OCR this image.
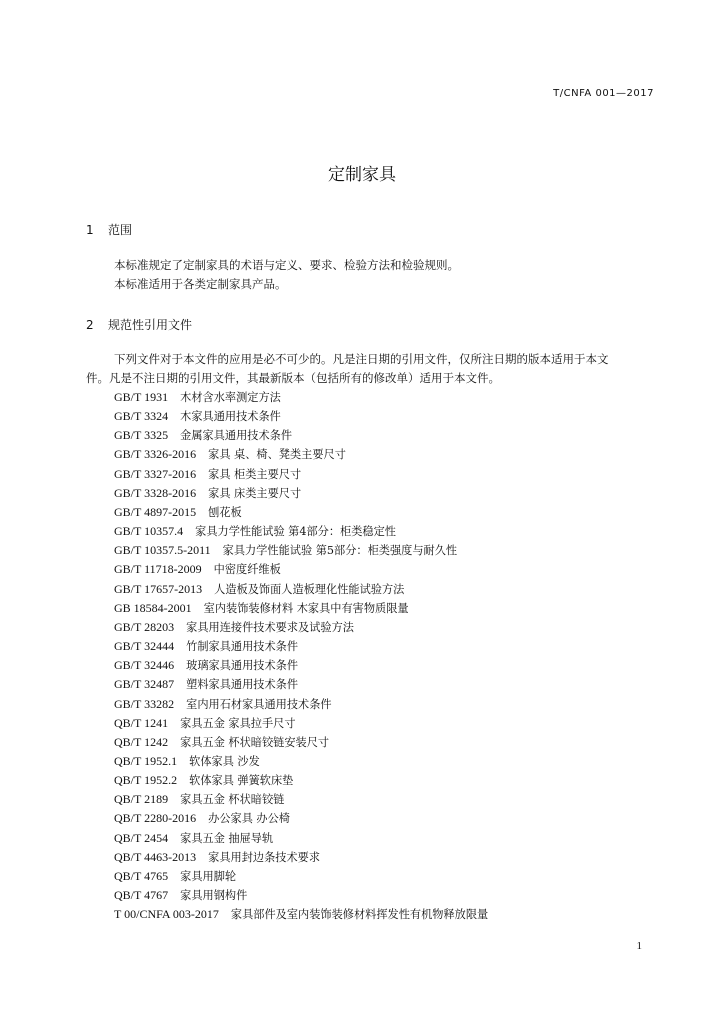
T/CNFA 001—2017
定制家具
1 范围
本标准规定了定制家具的术语与定义、要求、检验方法和检验规则。
本标准适用于各类定制家具产品。
2 规范性引用文件
下列文件对于本文件的应用是必不可少的。凡是注日期的引用文件，仅所注日期的版本适用于本文
件。凡是不注日期的引用文件，其最新版本（包括所有的修改单）适用于本文件。
GB/T 1931 木材含水率测定方法
GB/T 3324 木家具通用技术条件
GB/T 3325 金属家具通用技术条件
GB/T 3326-2016 家具 桌、椅、凳类主要尺寸
GB/T 3327-2016 家具 柜类主要尺寸
GB/T 3328-2016 家具 床类主要尺寸
GB/T 4897-2015 刨花板
GB/T 10357.4 家具力学性能试验 第4部分：柜类稳定性
GB/T 10357.5-2011 家具力学性能试验 第5部分：柜类强度与耐久性
GB/T 11718-2009 中密度纤维板
GB/T 17657-2013 人造板及饰面人造板理化性能试验方法
GB 18584-2001 室内装饰装修材料 木家具中有害物质限量
GB/T 28203 家具用连接件技术要求及试验方法
GB/T 32444 竹制家具通用技术条件
GB/T 32446 玻璃家具通用技术条件
GB/T 32487 塑料家具通用技术条件
GB/T 33282 室内用石材家具通用技术条件
QB/T 1241 家具五金 家具拉手尺寸
QB/T 1242 家具五金 杯状暗铰链安装尺寸
QB/T 1952.1 软体家具 沙发
QB/T 1952.2 软体家具 弹簧软床垫
QB/T 2189 家具五金 杯状暗铰链
QB/T 2280-2016 办公家具 办公椅
QB/T 2454 家具五金 抽屉导轨
QB/T 4463-2013 家具用封边条技术要求
QB/T 4765 家具用脚轮
QB/T 4767 家具用钢构件
T 00/CNFA 003-2017 家具部件及室内装饰装修材料挥发性有机物释放限量
1
